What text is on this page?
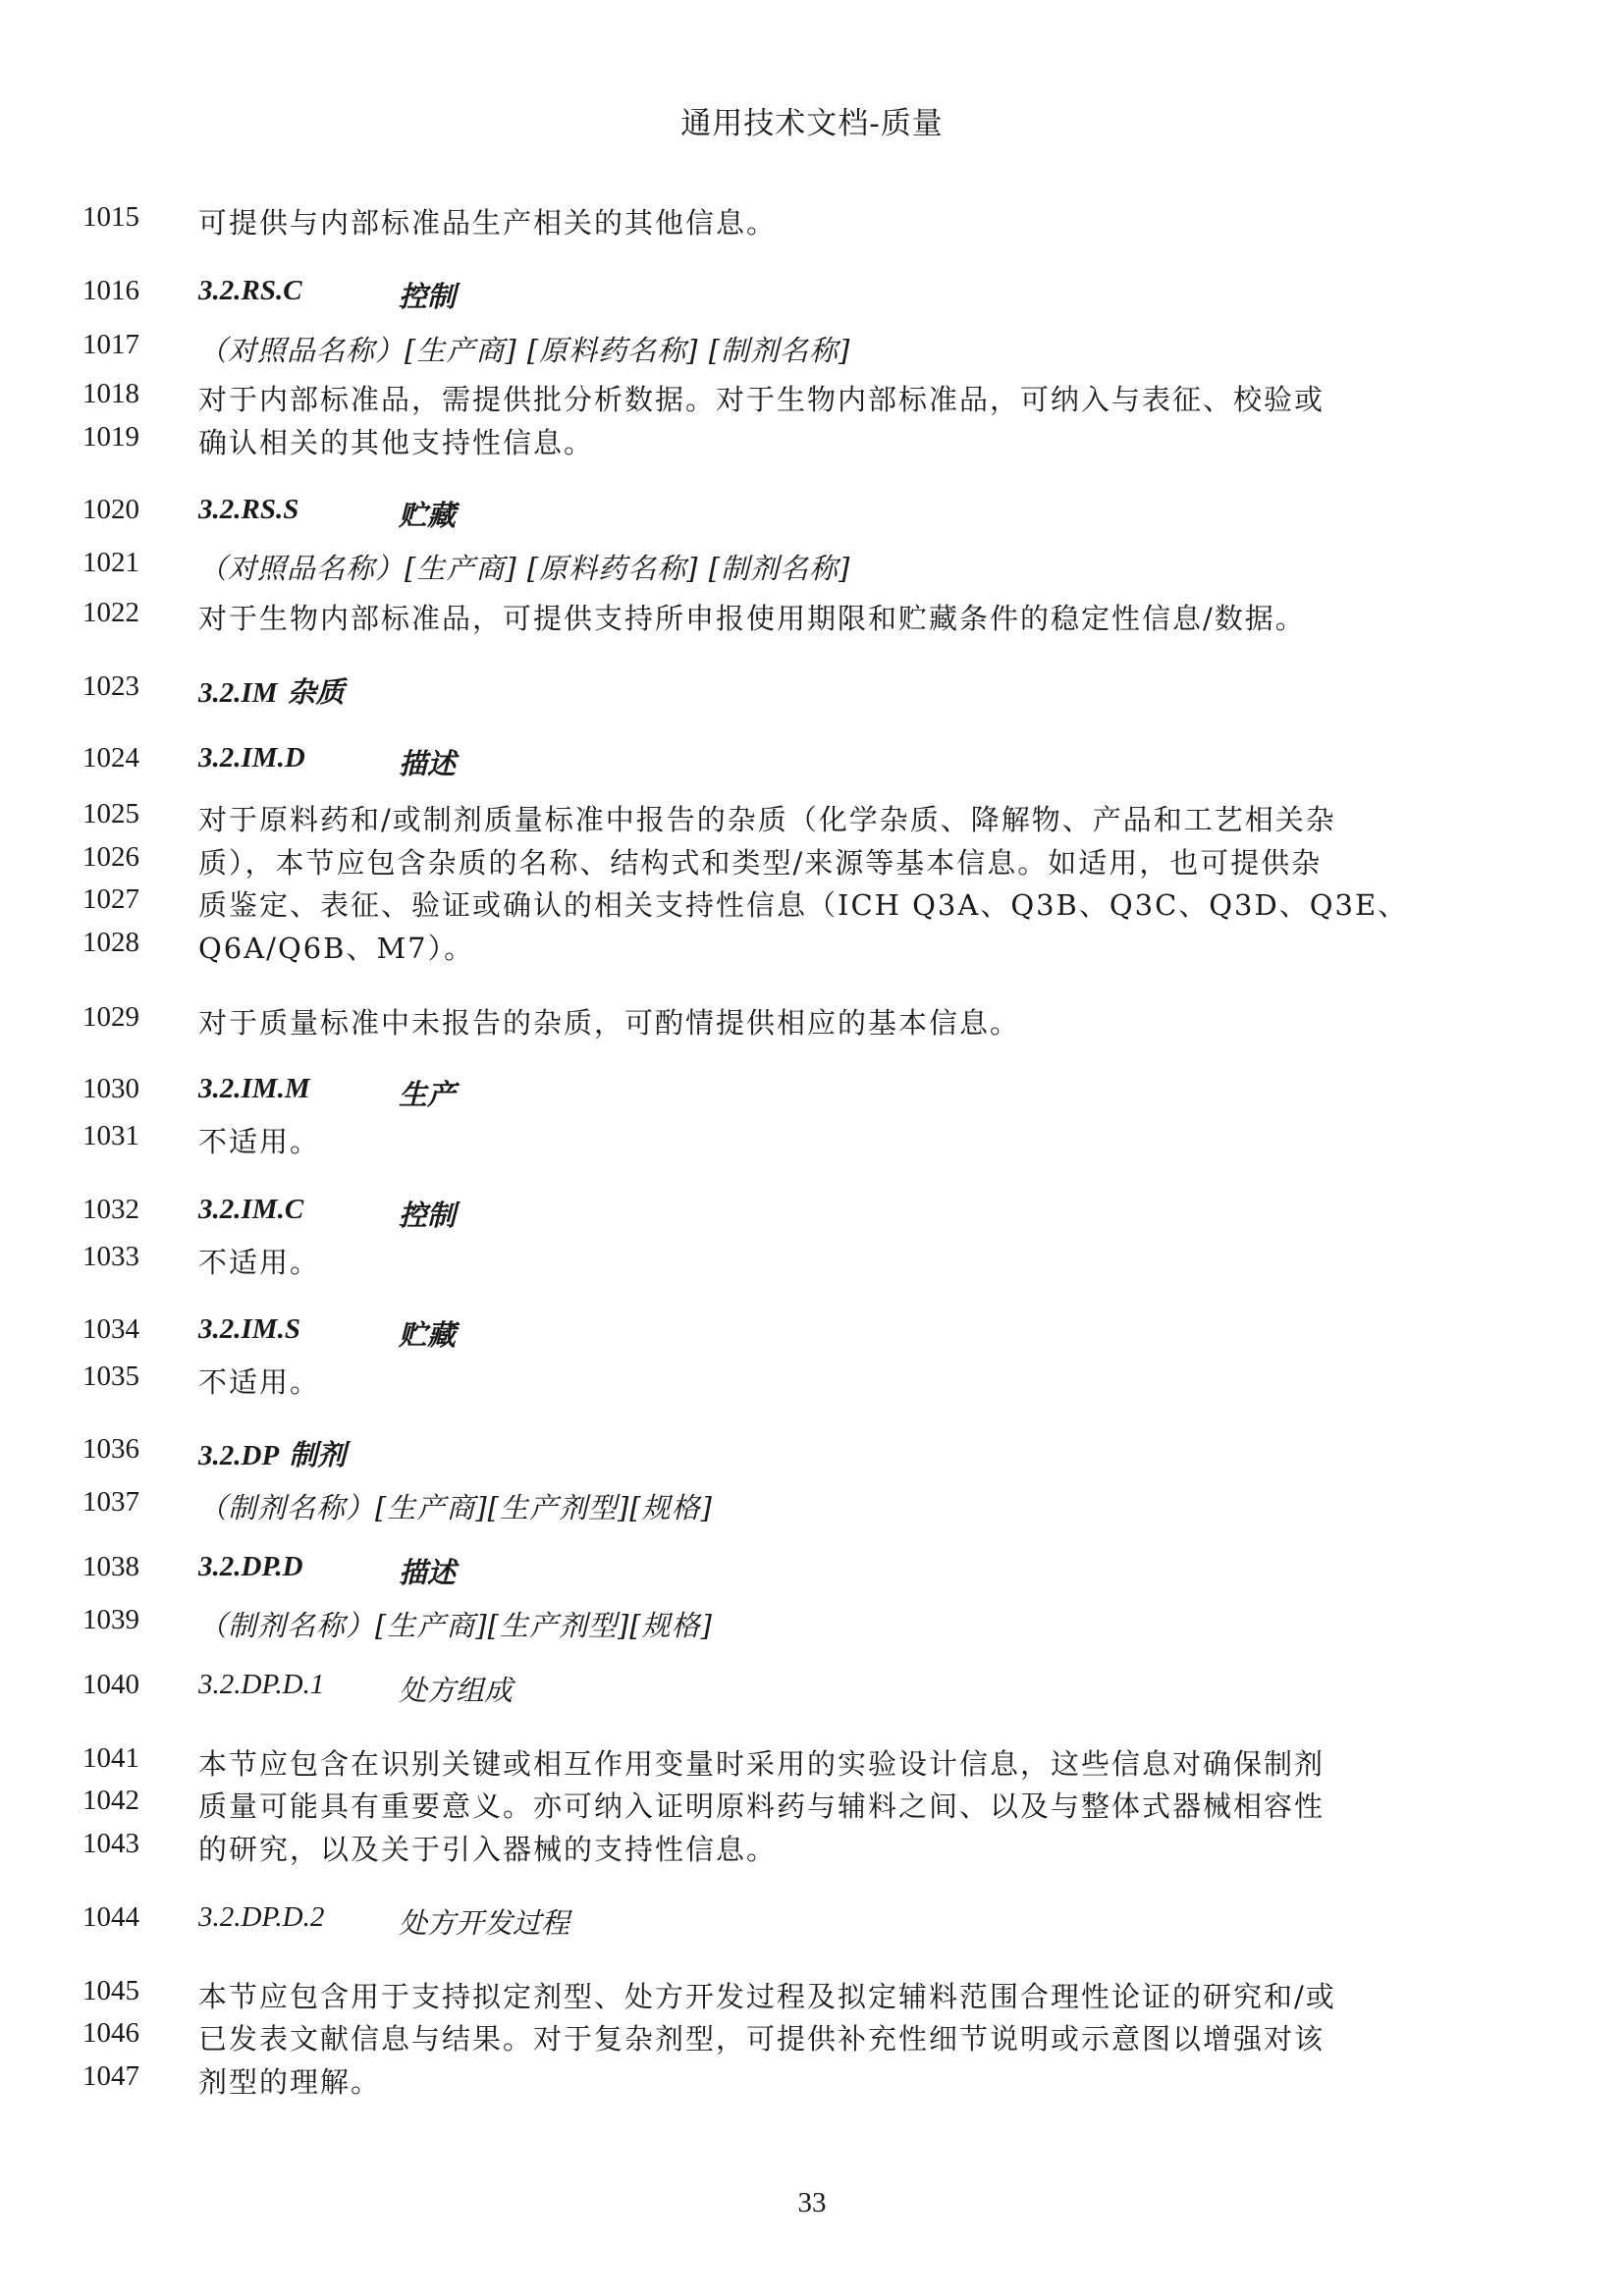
通用技术文档-质量
1015	可提供与内部标准品生产相关的其他信息。
1016	3.2.RS.C	控制
1017	（对照品名称）[生产商] [原料药名称] [制剂名称]
1018	对于内部标准品，需提供批分析数据。对于生物内部标准品，可纳入与表征、校验或
1019	确认相关的其他支持性信息。
1020	3.2.RS.S	贮藏
1021	（对照品名称）[生产商] [原料药名称] [制剂名称]
1022	对于生物内部标准品，可提供支持所申报使用期限和贮藏条件的稳定性信息/数据。
1023	3.2.IM 杂质
1024	3.2.IM.D	描述
1025	对于原料药和/或制剂质量标准中报告的杂质（化学杂质、降解物、产品和工艺相关杂
1026	质），本节应包含杂质的名称、结构式和类型/来源等基本信息。如适用，也可提供杂
1027	质鉴定、表征、验证或确认的相关支持性信息（ICH Q3A、Q3B、Q3C、Q3D、Q3E、
1028	Q6A/Q6B、M7）。
1029	对于质量标准中未报告的杂质，可酌情提供相应的基本信息。
1030	3.2.IM.M	生产
1031	不适用。
1032	3.2.IM.C	控制
1033	不适用。
1034	3.2.IM.S	贮藏
1035	不适用。
1036	3.2.DP 制剂
1037	（制剂名称）[生产商][生产剂型][规格]
1038	3.2.DP.D	描述
1039	（制剂名称）[生产商][生产剂型][规格]
1040	3.2.DP.D.1	处方组成
1041	本节应包含在识别关键或相互作用变量时采用的实验设计信息，这些信息对确保制剂
1042	质量可能具有重要意义。亦可纳入证明原料药与辅料之间、以及与整体式器械相容性
1043	的研究，以及关于引入器械的支持性信息。
1044	3.2.DP.D.2	处方开发过程
1045	本节应包含用于支持拟定剂型、处方开发过程及拟定辅料范围合理性论证的研究和/或
1046	已发表文献信息与结果。对于复杂剂型，可提供补充性细节说明或示意图以增强对该
1047	剂型的理解。
33
